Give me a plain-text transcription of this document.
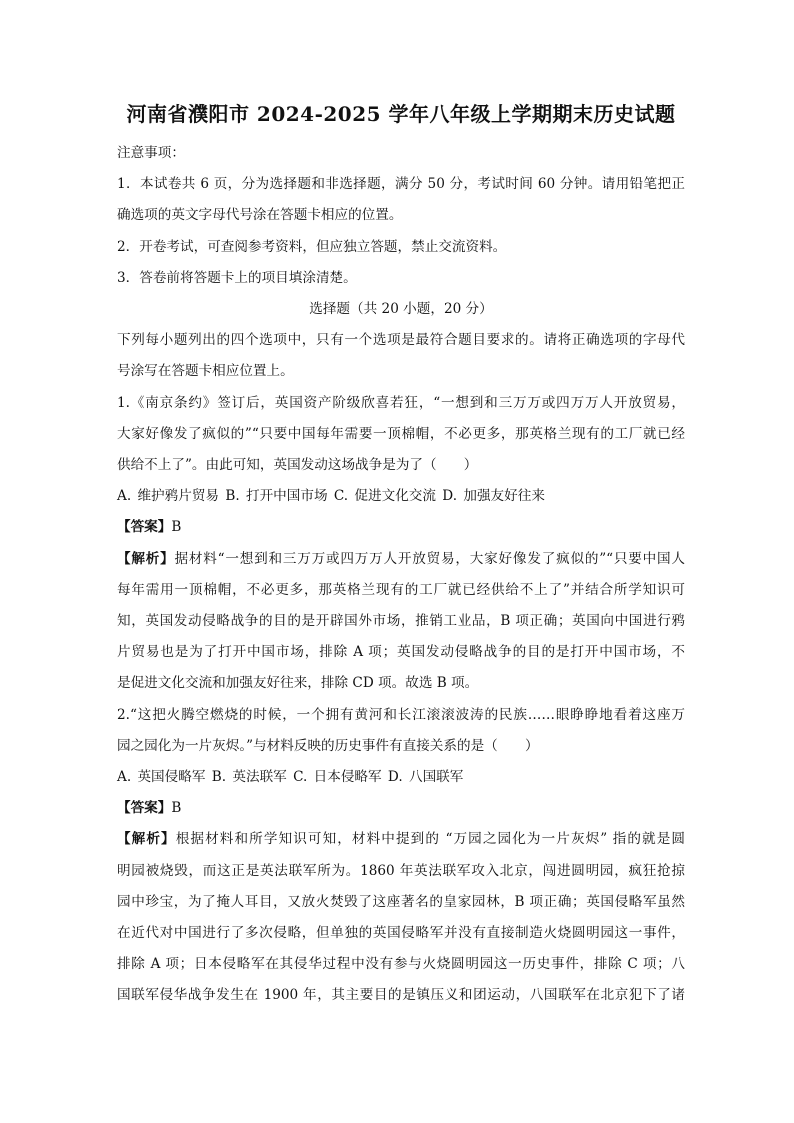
河南省濮阳市 2024-2025 学年八年级上学期期末历史试题
注意事项：
1．本试卷共 6 页，分为选择题和非选择题，满分 50 分，考试时间 60 分钟。请用铅笔把正
确选项的英文字母代号涂在答题卡相应的位置。
2．开卷考试，可查阅参考资料，但应独立答题，禁止交流资料。
3．答卷前将答题卡上的项目填涂清楚。
选择题（共 20 小题，20 分）
下列每小题列出的四个选项中，只有一个选项是最符合题目要求的。请将正确选项的字母代
号涂写在答题卡相应位置上。
1.《南京条约》签订后，英国资产阶级欣喜若狂，“一想到和三万万或四万万人开放贸易，
大家好像发了疯似的”“只要中国每年需要一顶棉帽，不必更多，那英格兰现有的工厂就已经
供给不上了”。由此可知，英国发动这场战争是为了（　　）
A. 维护鸦片贸易 B. 打开中国市场 C. 促进文化交流 D. 加强友好往来
【答案】B
【解析】据材料“一想到和三万万或四万万人开放贸易，大家好像发了疯似的”“只要中国人
每年需用一顶棉帽，不必更多，那英格兰现有的工厂就已经供给不上了”并结合所学知识可
知，英国发动侵略战争的目的是开辟国外市场，推销工业品，B 项正确；英国向中国进行鸦
片贸易也是为了打开中国市场，排除 A 项；英国发动侵略战争的目的是打开中国市场，不
是促进文化交流和加强友好往来，排除 CD 项。故选 B 项。
2.“这把火腾空燃烧的时候，一个拥有黄河和长江滚滚波涛的民族……眼睁睁地看着这座万
园之园化为一片灰烬。”与材料反映的历史事件有直接关系的是（　　）
A. 英国侵略军 B. 英法联军 C. 日本侵略军 D. 八国联军
【答案】B
【解析】根据材料和所学知识可知，材料中提到的 “万园之园化为一片灰烬” 指的就是圆
明园被烧毁，而这正是英法联军所为。1860 年英法联军攻入北京，闯进圆明园，疯狂抢掠
园中珍宝，为了掩人耳目，又放火焚毁了这座著名的皇家园林，B 项正确；英国侵略军虽然
在近代对中国进行了多次侵略，但单独的英国侵略军并没有直接制造火烧圆明园这一事件，
排除 A 项；日本侵略军在其侵华过程中没有参与火烧圆明园这一历史事件，排除 C 项；八
国联军侵华战争发生在 1900 年，其主要目的是镇压义和团运动，八国联军在北京犯下了诸
